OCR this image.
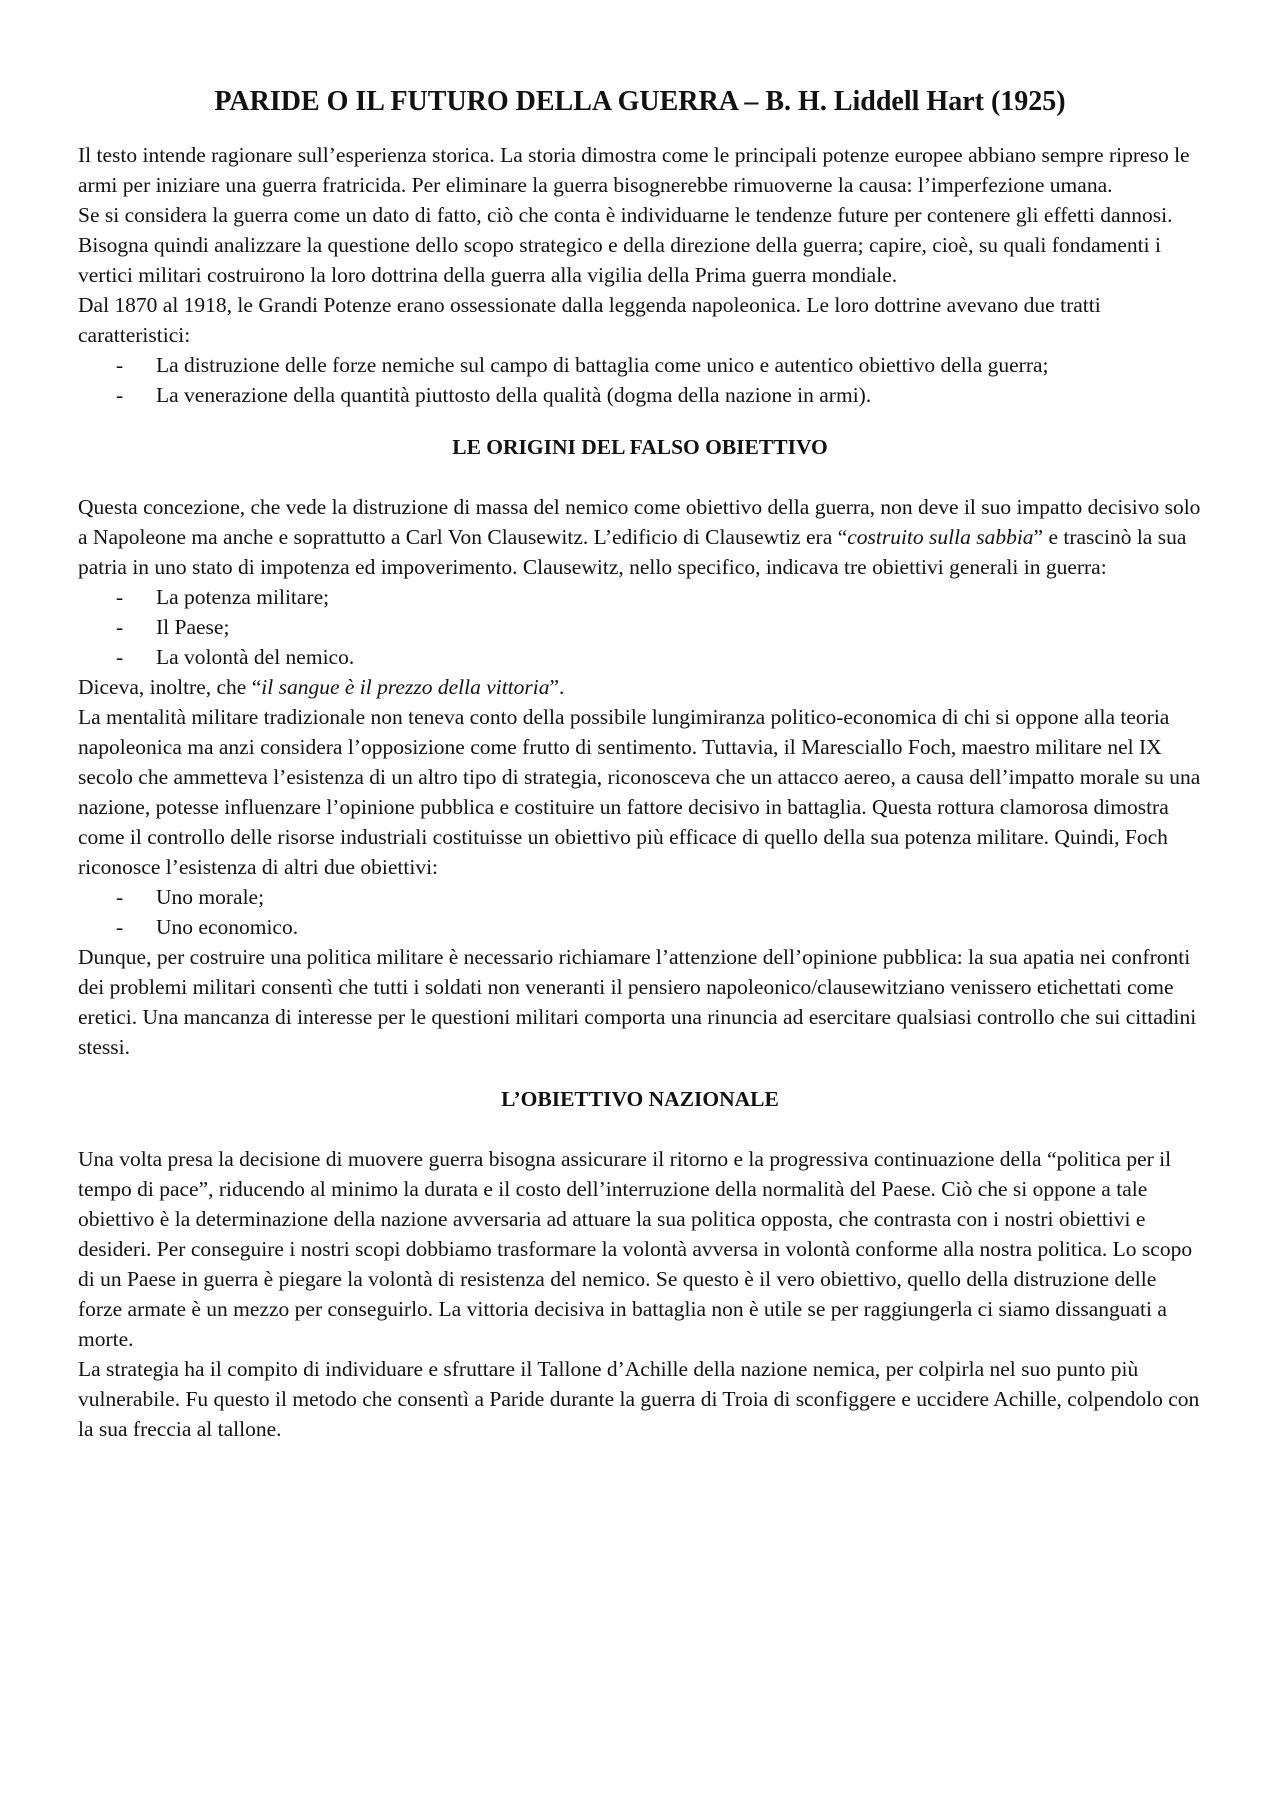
PARIDE O IL FUTURO DELLA GUERRA – B. H. Liddell Hart (1925)

Il testo intende ragionare sull’esperienza storica. La storia dimostra come le principali potenze europee abbiano sempre ripreso le armi per iniziare una guerra fratricida. Per eliminare la guerra bisognerebbe rimuoverne la causa: l’imperfezione umana.

Se si considera la guerra come un dato di fatto, ciò che conta è individuarne le tendenze future per contenere gli effetti dannosi. Bisogna quindi analizzare la questione dello scopo strategico e della direzione della guerra; capire, cioè, su quali fondamenti i vertici militari costruirono la loro dottrina della guerra alla vigilia della Prima guerra mondiale.

Dal 1870 al 1918, le Grandi Potenze erano ossessionate dalla leggenda napoleonica. Le loro dottrine avevano due tratti caratteristici:

- La distruzione delle forze nemiche sul campo di battaglia come unico e autentico obiettivo della guerra;
- La venerazione della quantità piuttosto della qualità (dogma della nazione in armi).
LE ORIGINI DEL FALSO OBIETTIVO

Questa concezione, che vede la distruzione di massa del nemico come obiettivo della guerra, non deve il suo impatto decisivo solo a Napoleone ma anche e soprattutto a Carl Von Clausewitz. L’edificio di Clausewtiz era “costruito sulla sabbia” e trascinò la sua patria in uno stato di impotenza ed impoverimento. Clausewitz, nello specifico, indicava tre obiettivi generali in guerra:

- La potenza militare;
- Il Paese;
- La volontà del nemico.

Diceva, inoltre, che “il sangue è il prezzo della vittoria”.

La mentalità militare tradizionale non teneva conto della possibile lungimiranza politico-economica di chi si oppone alla teoria napoleonica ma anzi considera l’opposizione come frutto di sentimento. Tuttavia, il Maresciallo Foch, maestro militare nel IX secolo che ammetteva l’esistenza di un altro tipo di strategia, riconosceva che un attacco aereo, a causa dell’impatto morale su una nazione, potesse influenzare l’opinione pubblica e costituire un fattore decisivo in battaglia. Questa rottura clamorosa dimostra come il controllo delle risorse industriali costituisse un obiettivo più efficace di quello della sua potenza militare. Quindi, Foch riconosce l’esistenza di altri due obiettivi:

- Uno morale;
- Uno economico.

Dunque, per costruire una politica militare è necessario richiamare l’attenzione dell’opinione pubblica: la sua apatia nei confronti dei problemi militari consentì che tutti i soldati non veneranti il pensiero napoleonico/clausewitziano venissero etichettati come eretici. Una mancanza di interesse per le questioni militari comporta una rinuncia ad esercitare qualsiasi controllo che sui cittadini stessi.

L’OBIETTIVO NAZIONALE

Una volta presa la decisione di muovere guerra bisogna assicurare il ritorno e la progressiva continuazione della “politica per il tempo di pace”, riducendo al minimo la durata e il costo dell’interruzione della normalità del Paese. Ciò che si oppone a tale obiettivo è la determinazione della nazione avversaria ad attuare la sua politica opposta, che contrasta con i nostri obiettivi e desideri. Per conseguire i nostri scopi dobbiamo trasformare la volontà avversa in volontà conforme alla nostra politica. Lo scopo di un Paese in guerra è piegare la volontà di resistenza del nemico. Se questo è il vero obiettivo, quello della distruzione delle forze armate è un mezzo per conseguirlo. La vittoria decisiva in battaglia non è utile se per raggiungerla ci siamo dissanguati a morte.

La strategia ha il compito di individuare e sfruttare il Tallone d’Achille della nazione nemica, per colpirla nel suo punto più vulnerabile. Fu questo il metodo che consentì a Paride durante la guerra di Troia di sconfiggere e uccidere Achille, colpendolo con la sua freccia al tallone.
